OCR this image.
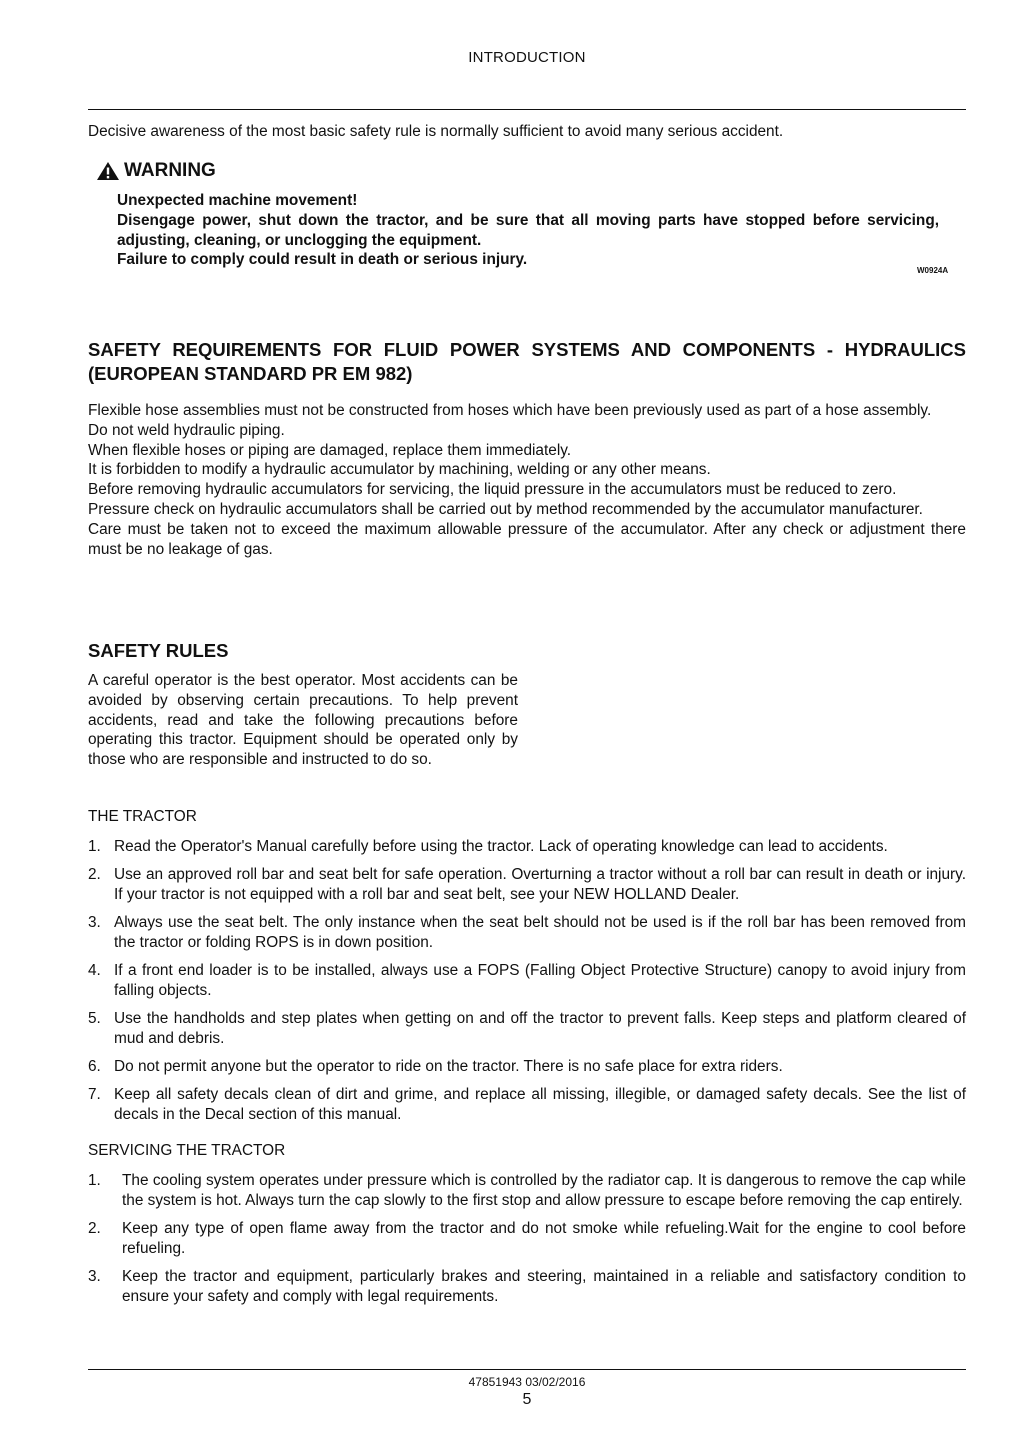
INTRODUCTION

Decisive awareness of the most basic safety rule is normally sufficient to avoid many serious accident.

WARNING

Unexpected machine movement!

Disengage power, shut down the tractor, and be sure that all moving parts have stopped before servicing, adjusting, cleaning, or unclogging the equipment.

Failure to comply could result in death or serious injury.

W0924A
SAFETY REQUIREMENTS FOR FLUID POWER SYSTEMS AND COMPONENTS - HYDRAULICS (EUROPEAN STANDARD PR EM 982)

Flexible hose assemblies must not be constructed from hoses which have been previously used as part of a hose assembly.

Do not weld hydraulic piping.

When flexible hoses or piping are damaged, replace them immediately.

It is forbidden to modify a hydraulic accumulator by machining, welding or any other means.

Before removing hydraulic accumulators for servicing, the liquid pressure in the accumulators must be reduced to zero.

Pressure check on hydraulic accumulators shall be carried out by method recommended by the accumulator manufacturer.

Care must be taken not to exceed the maximum allowable pressure of the accumulator. After any check or adjustment there must be no leakage of gas.

SAFETY RULES

A careful operator is the best operator. Most accidents can be avoided by observing certain precautions. To help prevent accidents, read and take the following precautions before operating this tractor. Equipment should be operated only by those who are responsible and instructed to do so.

THE TRACTOR
1. Read the Operator's Manual carefully before using the tractor. Lack of operating knowledge can lead to accidents.
2. Use an approved roll bar and seat belt for safe operation. Overturning a tractor without a roll bar can result in death or injury. If your tractor is not equipped with a roll bar and seat belt, see your NEW HOLLAND Dealer.
3. Always use the seat belt. The only instance when the seat belt should not be used is if the roll bar has been removed from the tractor or folding ROPS is in down position.
4. If a front end loader is to be installed, always use a FOPS (Falling Object Protective Structure) canopy to avoid injury from falling objects.
5. Use the handholds and step plates when getting on and off the tractor to prevent falls. Keep steps and platform cleared of mud and debris.
6. Do not permit anyone but the operator to ride on the tractor. There is no safe place for extra riders.
7. Keep all safety decals clean of dirt and grime, and replace all missing, illegible, or damaged safety decals. See the list of decals in the Decal section of this manual.
SERVICING THE TRACTOR
1.	The cooling system operates under pressure which is controlled by the radiator cap. It is dangerous to remove the cap while the system is hot. Always turn the cap slowly to the first stop and allow pressure to escape before removing the cap entirely.
2.	Keep any type of open flame away from the tractor and do not smoke while refueling.Wait for the engine to cool before refueling.
3.	Keep the tractor and equipment, particularly brakes and steering, maintained in a reliable and satisfactory condition to ensure your safety and comply with legal requirements.
47851943 03/02/2016
5
